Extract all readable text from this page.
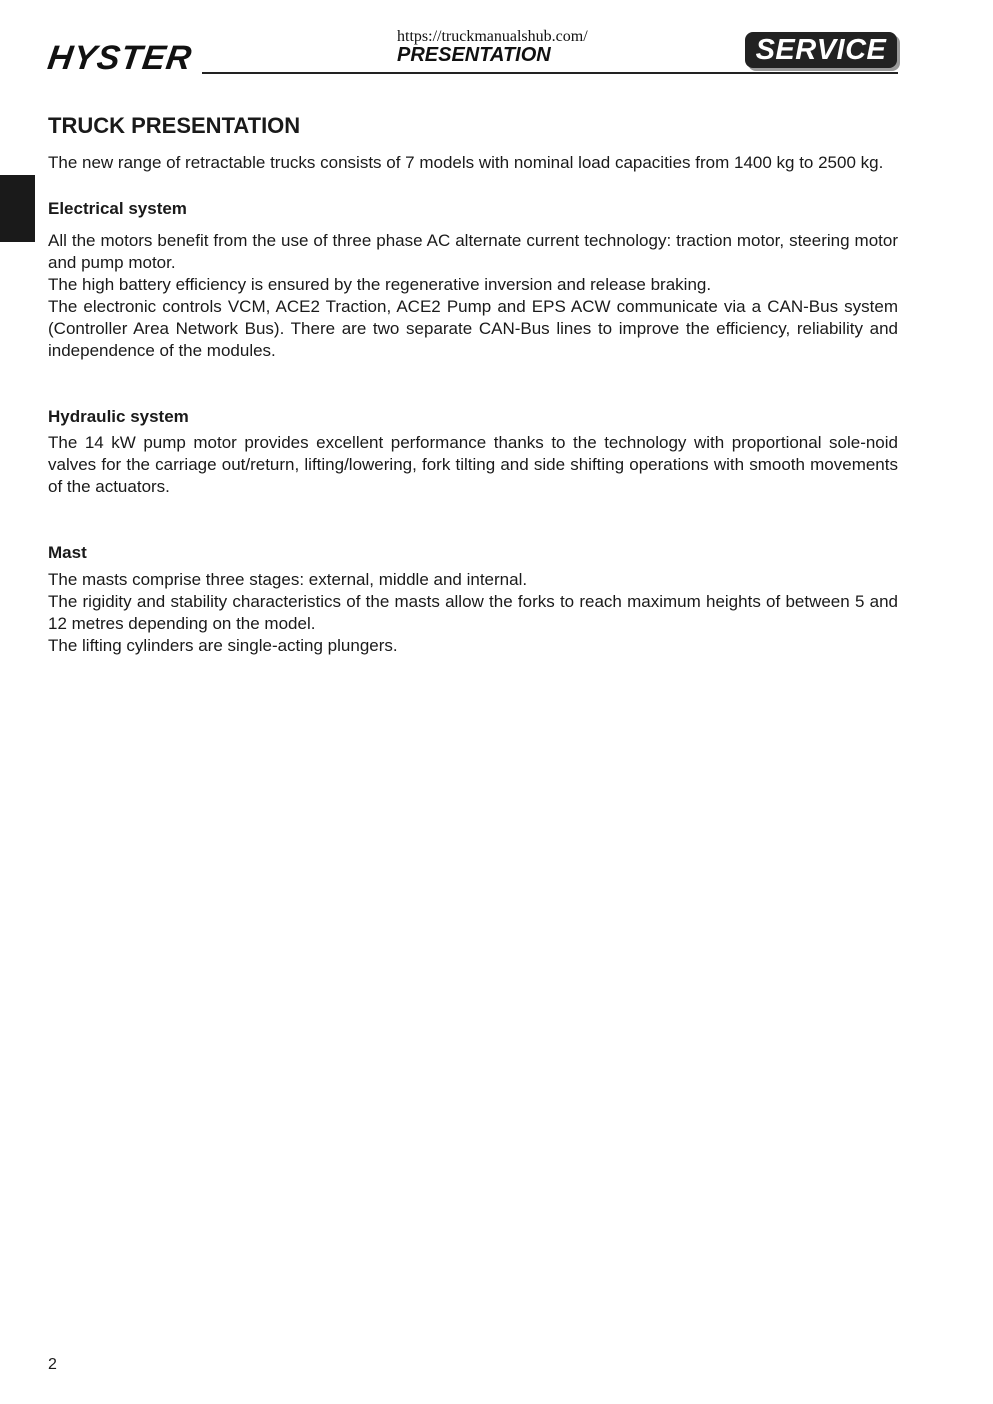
HYSTER
https://truckmanualshub.com/
PRESENTATION	SERVICE
TRUCK PRESENTATION

The new range of retractable trucks consists of 7 models with nominal load capacities from 1400 kg to 2500 kg.

Electrical system

All the motors benefit from the use of three phase AC alternate current technology: traction motor, steering motor and pump motor.

The high battery efficiency is ensured by the regenerative inversion and release braking.

The electronic controls VCM, ACE2 Traction, ACE2 Pump and EPS ACW communicate via a CAN-Bus system (Controller Area Network Bus). There are two separate CAN-Bus lines to improve the efficiency, reliability and independence of the modules.

Hydraulic system

The 14 kW pump motor provides excellent performance thanks to the technology with proportional sole-noid valves for the carriage out/return, lifting/lowering, fork tilting and side shifting operations with smooth movements of the actuators.

Mast

The masts comprise three stages: external, middle and internal.

The rigidity and stability characteristics of the masts allow the forks to reach maximum heights of between 5 and 12 metres depending on the model.

The lifting cylinders are single-acting plungers.

2
